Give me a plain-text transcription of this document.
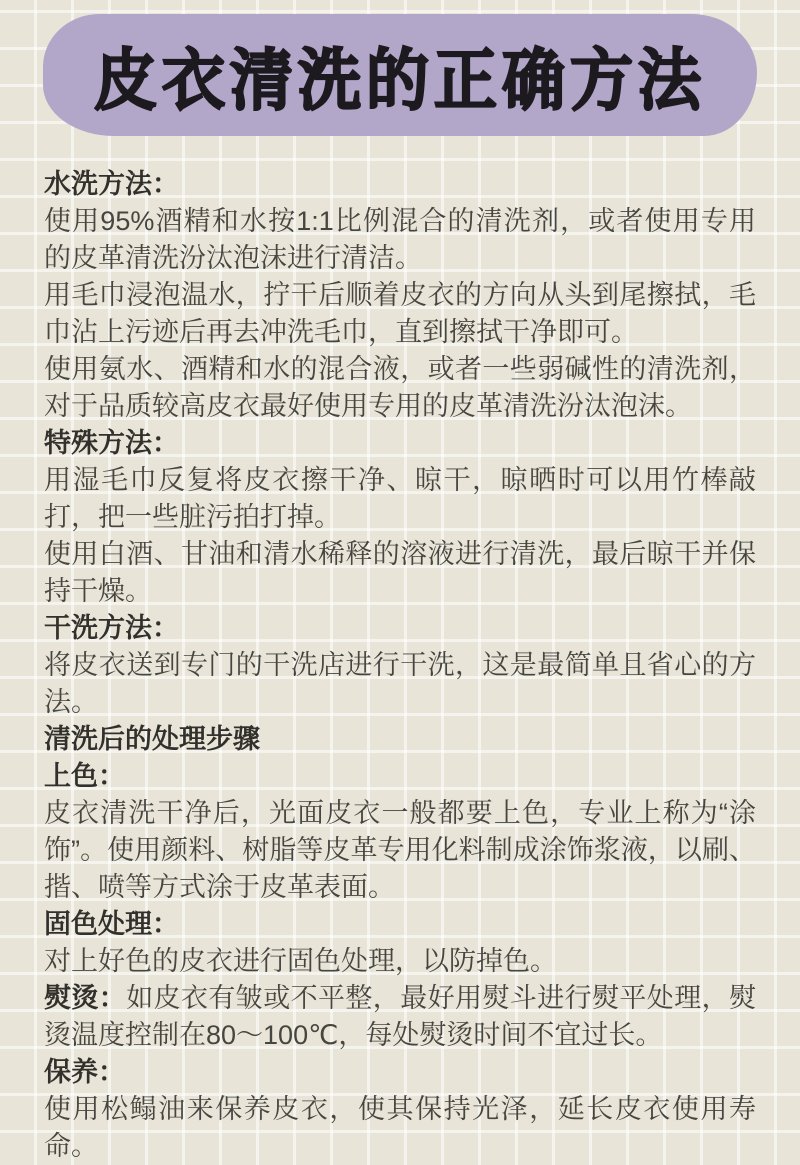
皮衣清洗的正确方法

水洗方法：

使用95%酒精和水按1:1比例混合的清洗剂，或者使用专用的皮革清洗汾汰泡沫进行清洁。

用毛巾浸泡温水，拧干后顺着皮衣的方向从头到尾擦拭，毛巾沾上污迹后再去冲洗毛巾，直到擦拭干净即可。

使用氨水、酒精和水的混合液，或者一些弱碱性的清洗剂，对于品质较高皮衣最好使用专用的皮革清洗汾汰泡沫。

特殊方法：

用湿毛巾反复将皮衣擦干净、晾干，晾晒时可以用竹棒敲打，把一些脏污拍打掉。

使用白酒、甘油和清水稀释的溶液进行清洗，最后晾干并保持干燥。

干洗方法：

将皮衣送到专门的干洗店进行干洗，这是最简单且省心的方法。

清洗后的处理步骤

上色：

皮衣清洗干净后，光面皮衣一般都要上色，专业上称为“涂饰”。使用颜料、树脂等皮革专用化料制成涂饰浆液，以刷、揩、喷等方式涂于皮革表面。

固色处理：

对上好色的皮衣进行固色处理，以防掉色。

熨烫：如皮衣有皱或不平整，最好用熨斗进行熨平处理，熨烫温度控制在80～100℃，每处熨烫时间不宜过长。

保养：

使用松鳎油来保养皮衣，使其保持光泽，延长皮衣使用寿命。
